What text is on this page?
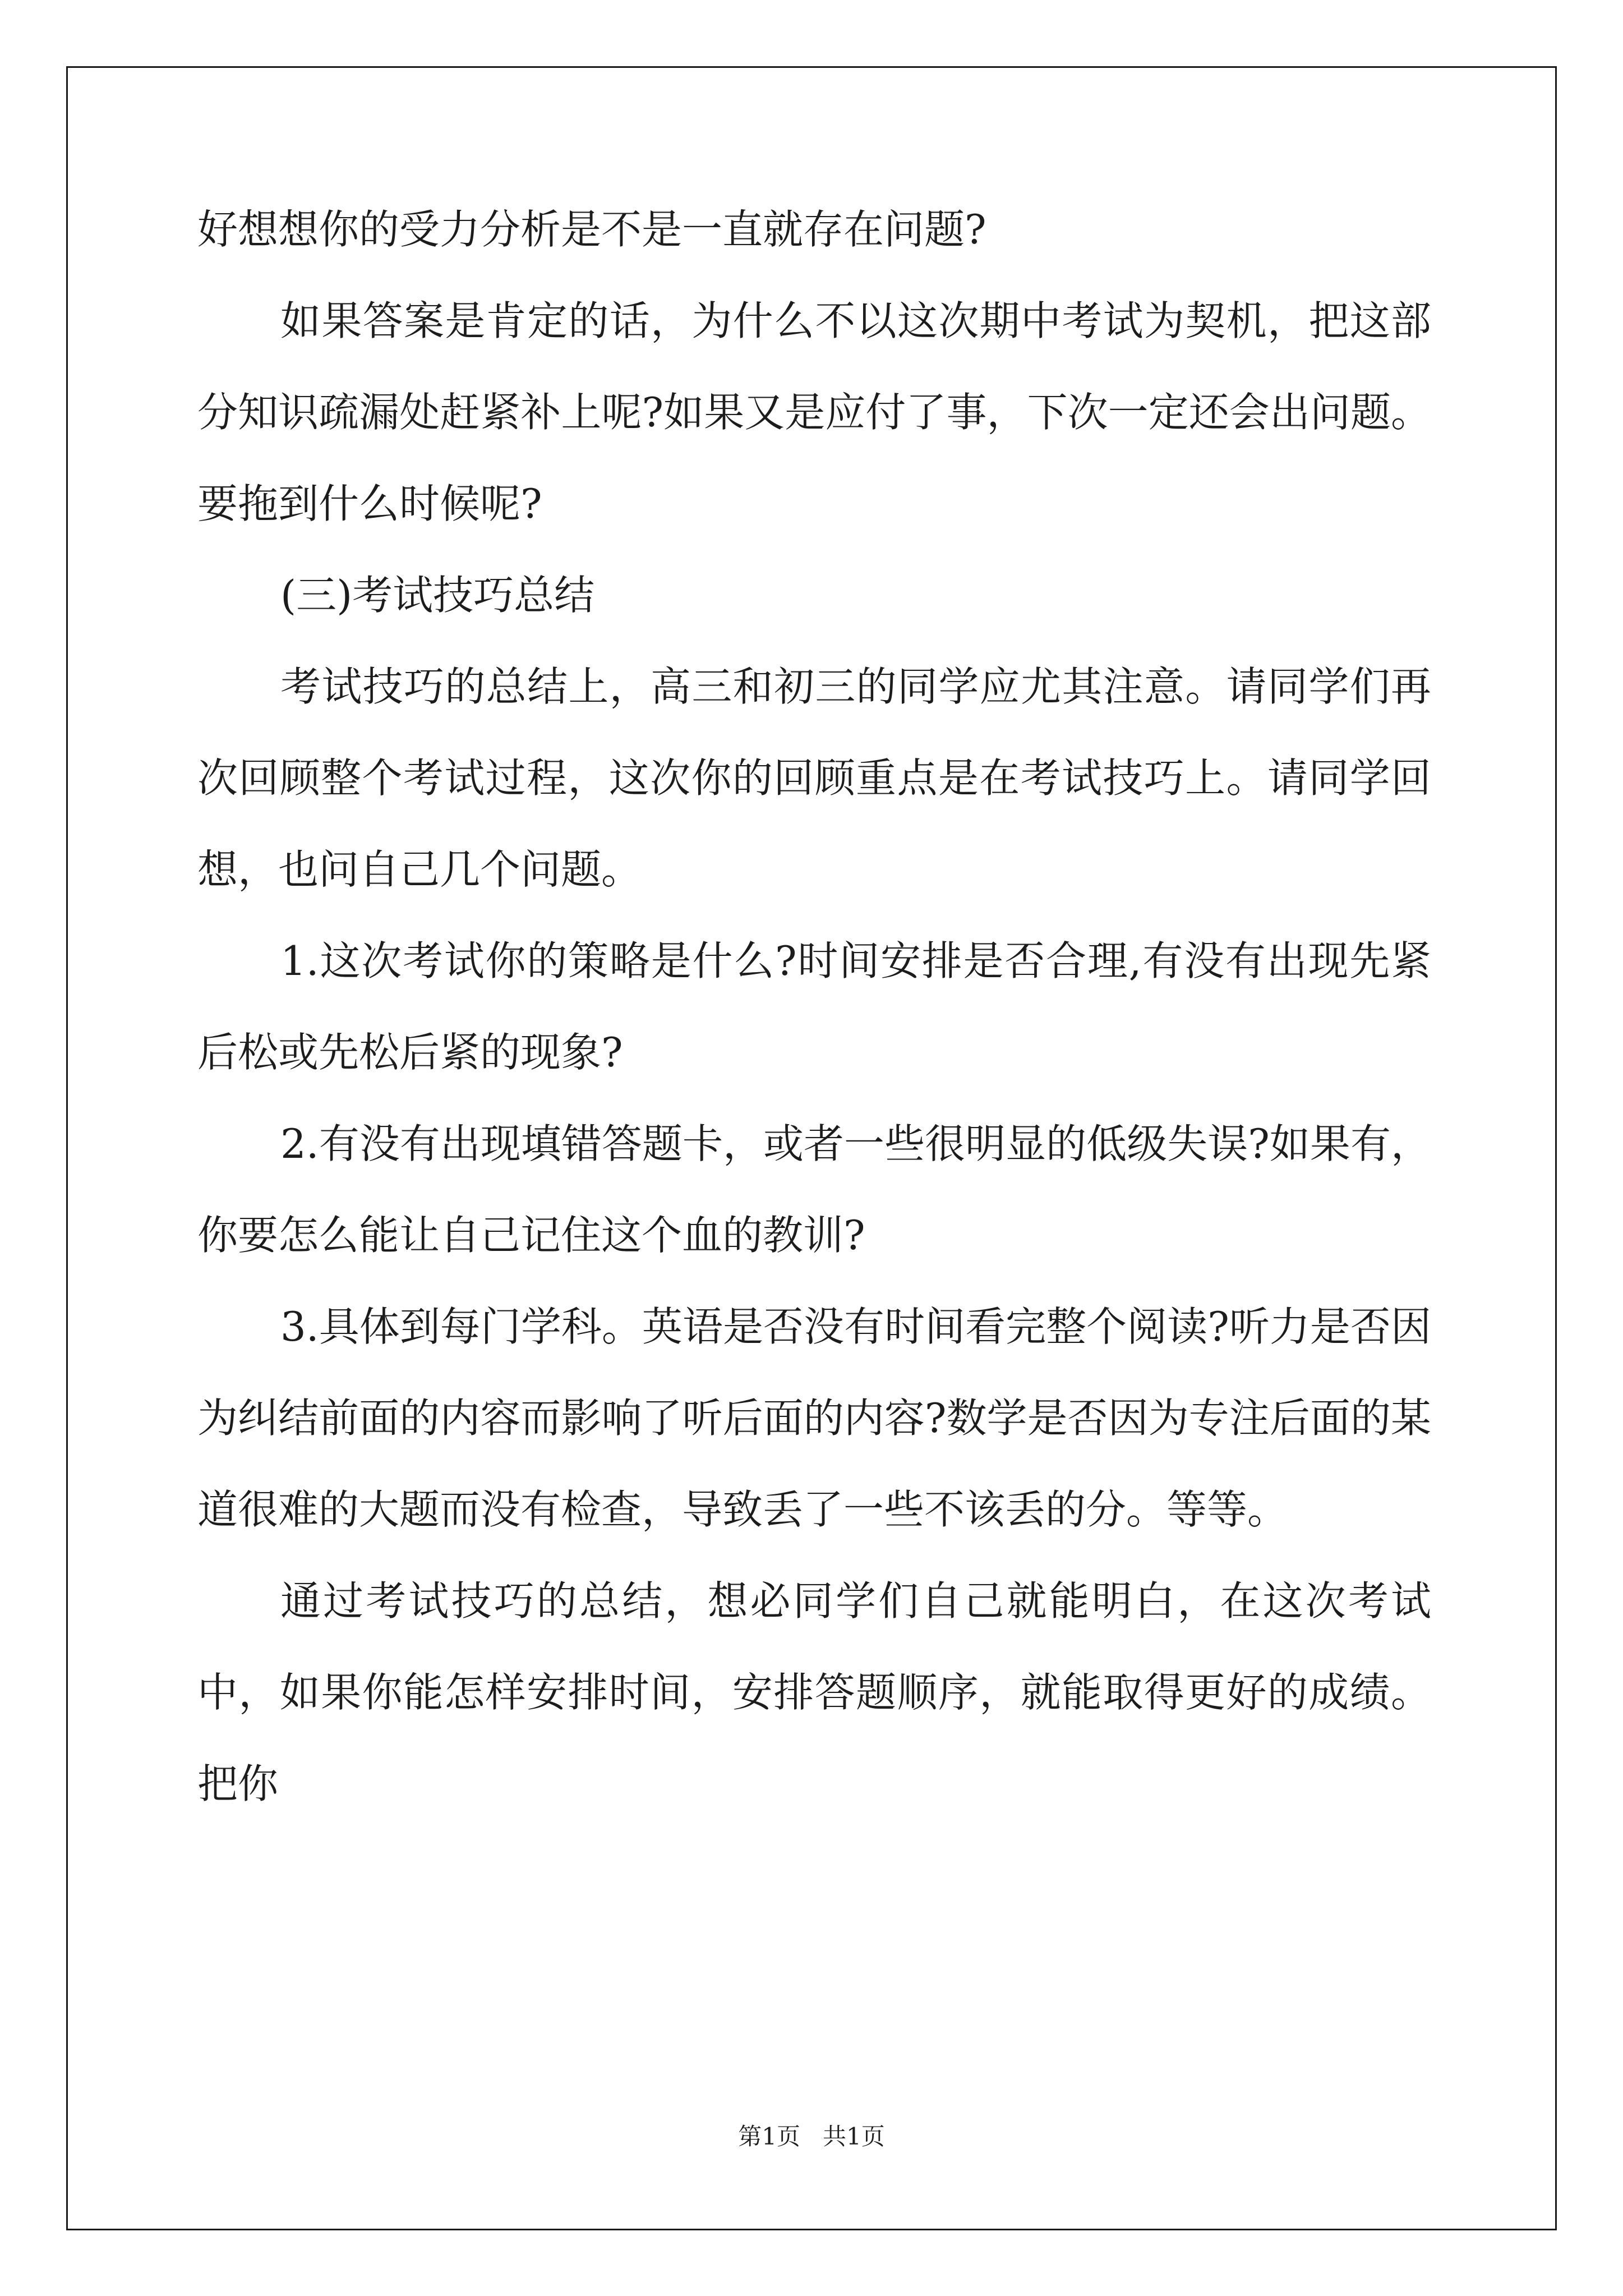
好想想你的受力分析是不是一直就存在问题?

如果答案是肯定的话，为什么不以这次期中考试为契机，把这部分知识疏漏处赶紧补上呢?如果又是应付了事，下次一定还会出问题。要拖到什么时候呢?

(三)考试技巧总结

考试技巧的总结上，高三和初三的同学应尤其注意。请同学们再次回顾整个考试过程，这次你的回顾重点是在考试技巧上。请同学回想，也问自己几个问题。

1.这次考试你的策略是什么?时间安排是否合理,有没有出现先紧后松或先松后紧的现象?

2.有没有出现填错答题卡，或者一些很明显的低级失误?如果有，你要怎么能让自己记住这个血的教训?

3.具体到每门学科。英语是否没有时间看完整个阅读?听力是否因为纠结前面的内容而影响了听后面的内容?数学是否因为专注后面的某道很难的大题而没有检查，导致丢了一些不该丢的分。等等。

通过考试技巧的总结，想必同学们自己就能明白，在这次考试中，如果你能怎样安排时间，安排答题顺序，就能取得更好的成绩。把你

第1页   共1页
